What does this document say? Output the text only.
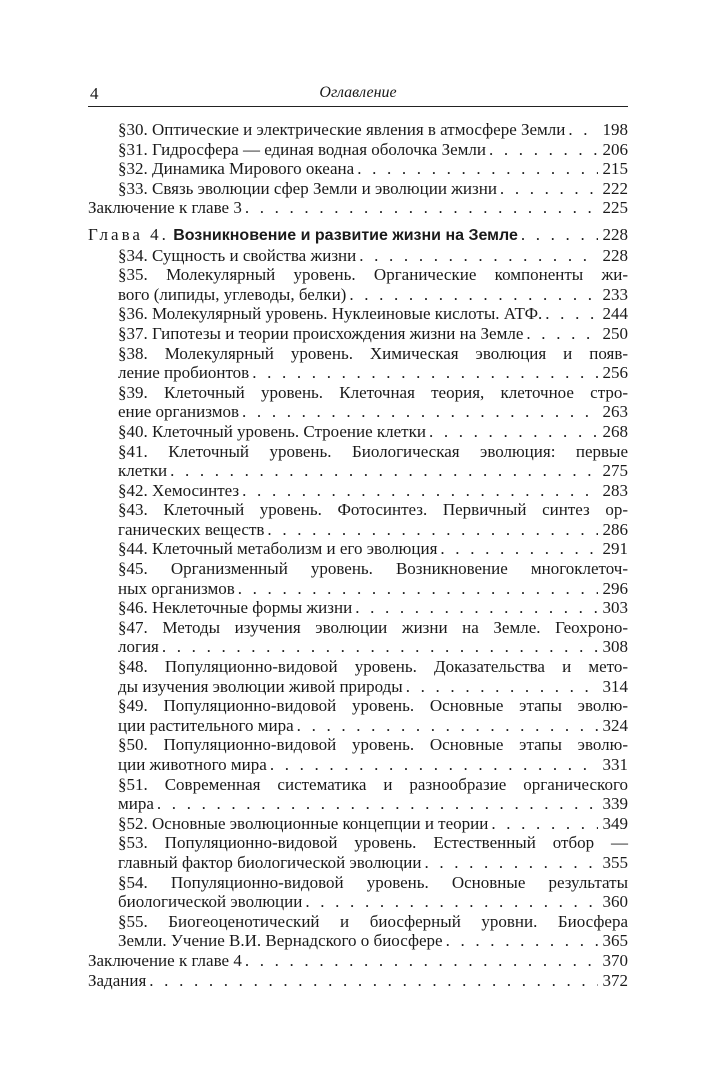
4	Оглавление
§30. Оптические и электрические явления в атмосфере Земли . . . 198
§31. Гидросфера — единая водная оболочка Земли . . .	206
§32. Динамика Мирового океана . . .	215
§33. Связь эволюции сфер Земли и эволюции жизни . . .	222
Заключение к главе 3 . . .	225
Глава 4. Возникновение и развитие жизни на Земле . . .	228
§34. Сущность и свойства жизни . . .	228
§35. Молекулярный уровень. Органические компоненты жи-
вого (липиды, углеводы, белки) . . .	233
§36. Молекулярный уровень. Нуклеиновые кислоты. АТФ. . . .	244
§37. Гипотезы и теории происхождения жизни на Земле . . .	250
§38. Молекулярный уровень. Химическая эволюция и появ-
ление пробионтов . . .	256
§39. Клеточный уровень. Клеточная теория, клеточное стро-
ение организмов . . .	263
§40. Клеточный уровень. Строение клетки . . .	268
§41. Клеточный уровень. Биологическая эволюция: первые
клетки . . .	275
§42. Хемосинтез . . .	283
§43. Клеточный уровень. Фотосинтез. Первичный синтез ор-
ганических веществ . . .	286
§44. Клеточный метаболизм и его эволюция . . .	291
§45. Организменный уровень. Возникновение многоклеточ-
ных организмов . . .	296
§46. Неклеточные формы жизни . . .	303
§47. Методы изучения эволюции жизни на Земле. Геохроно-
логия . . .	308
§48. Популяционно-видовой уровень. Доказательства и мето-
ды изучения эволюции живой природы . . .	314
§49. Популяционно-видовой уровень. Основные этапы эволю-
ции растительного мира . . .	324
§50. Популяционно-видовой уровень. Основные этапы эволю-
ции животного мира . . .	331
§51. Современная систематика и разнообразие органического
мира . . .	339
§52. Основные эволюционные концепции и теории . . .	349
§53. Популяционно-видовой уровень. Естественный отбор —
главный фактор биологической эволюции . . .	355
§54. Популяционно-видовой уровень. Основные результаты
биологической эволюции . . .	360
§55. Биогеоценотический и биосферный уровни. Биосфера
Земли. Учение В.И. Вернадского о биосфере . . .	365
Заключение к главе 4 . . .	370
Задания . . .	372
